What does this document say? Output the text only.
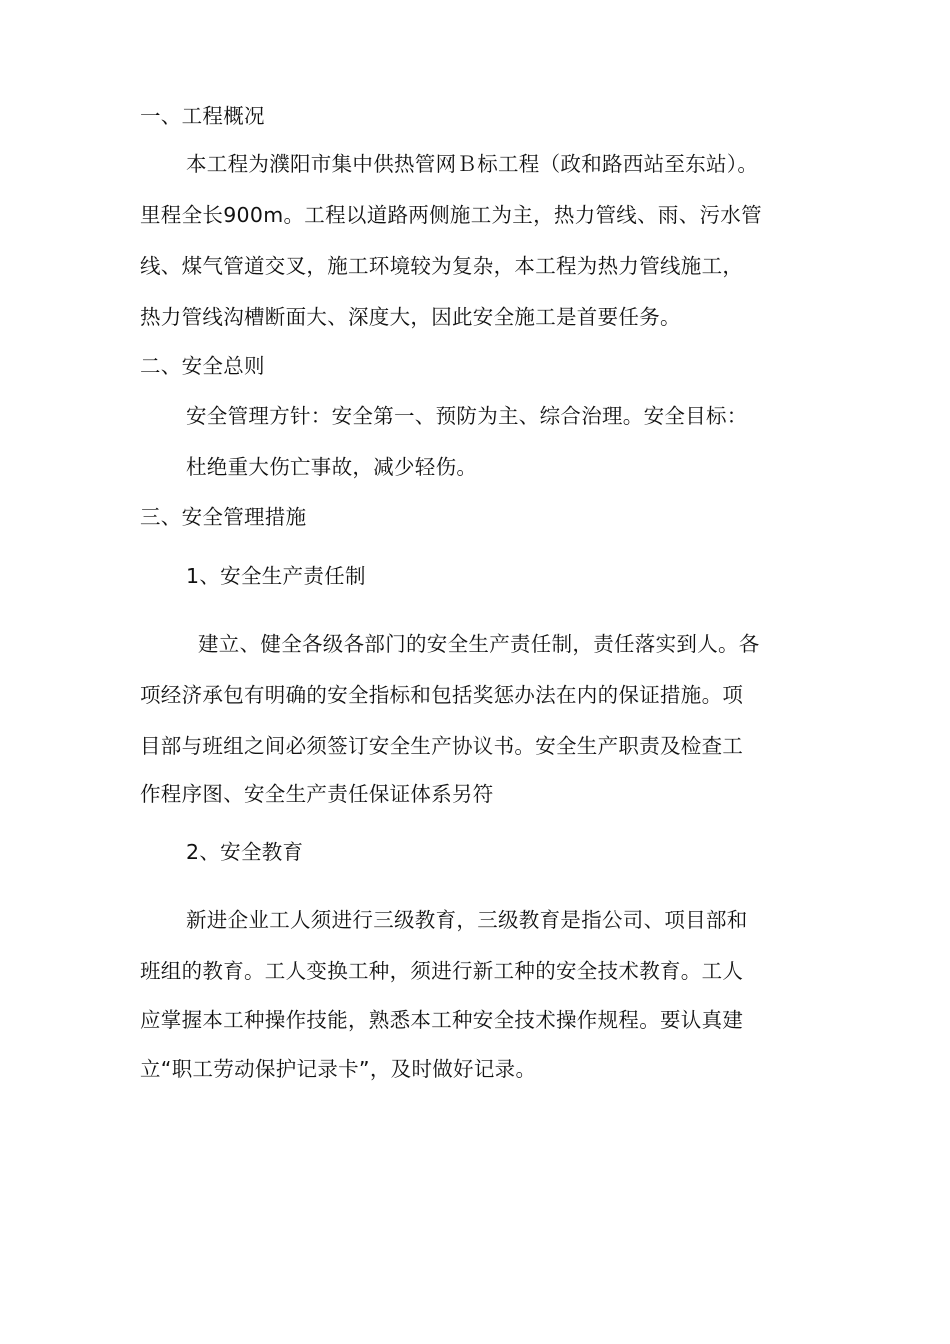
一、工程概况
本工程为濮阳市集中供热管网Ｂ标工程（政和路西站至东站）。
里程全长900m。工程以道路两侧施工为主，热力管线、雨、污水管
线、煤气管道交叉，施工环境较为复杂，本工程为热力管线施工，
热力管线沟槽断面大、深度大，因此安全施工是首要任务。
二、安全总则
安全管理方针：安全第一、预防为主、综合治理。安全目标：
杜绝重大伤亡事故，减少轻伤。
三、安全管理措施
1、安全生产责任制
建立、健全各级各部门的安全生产责任制，责任落实到人。各
项经济承包有明确的安全指标和包括奖惩办法在内的保证措施。项
目部与班组之间必须签订安全生产协议书。安全生产职责及检查工
作程序图、安全生产责任保证体系另符
2、安全教育
新进企业工人须进行三级教育，三级教育是指公司、项目部和
班组的教育。工人变换工种，须进行新工种的安全技术教育。工人
应掌握本工种操作技能，熟悉本工种安全技术操作规程。要认真建
立“职工劳动保护记录卡”，及时做好记录。
